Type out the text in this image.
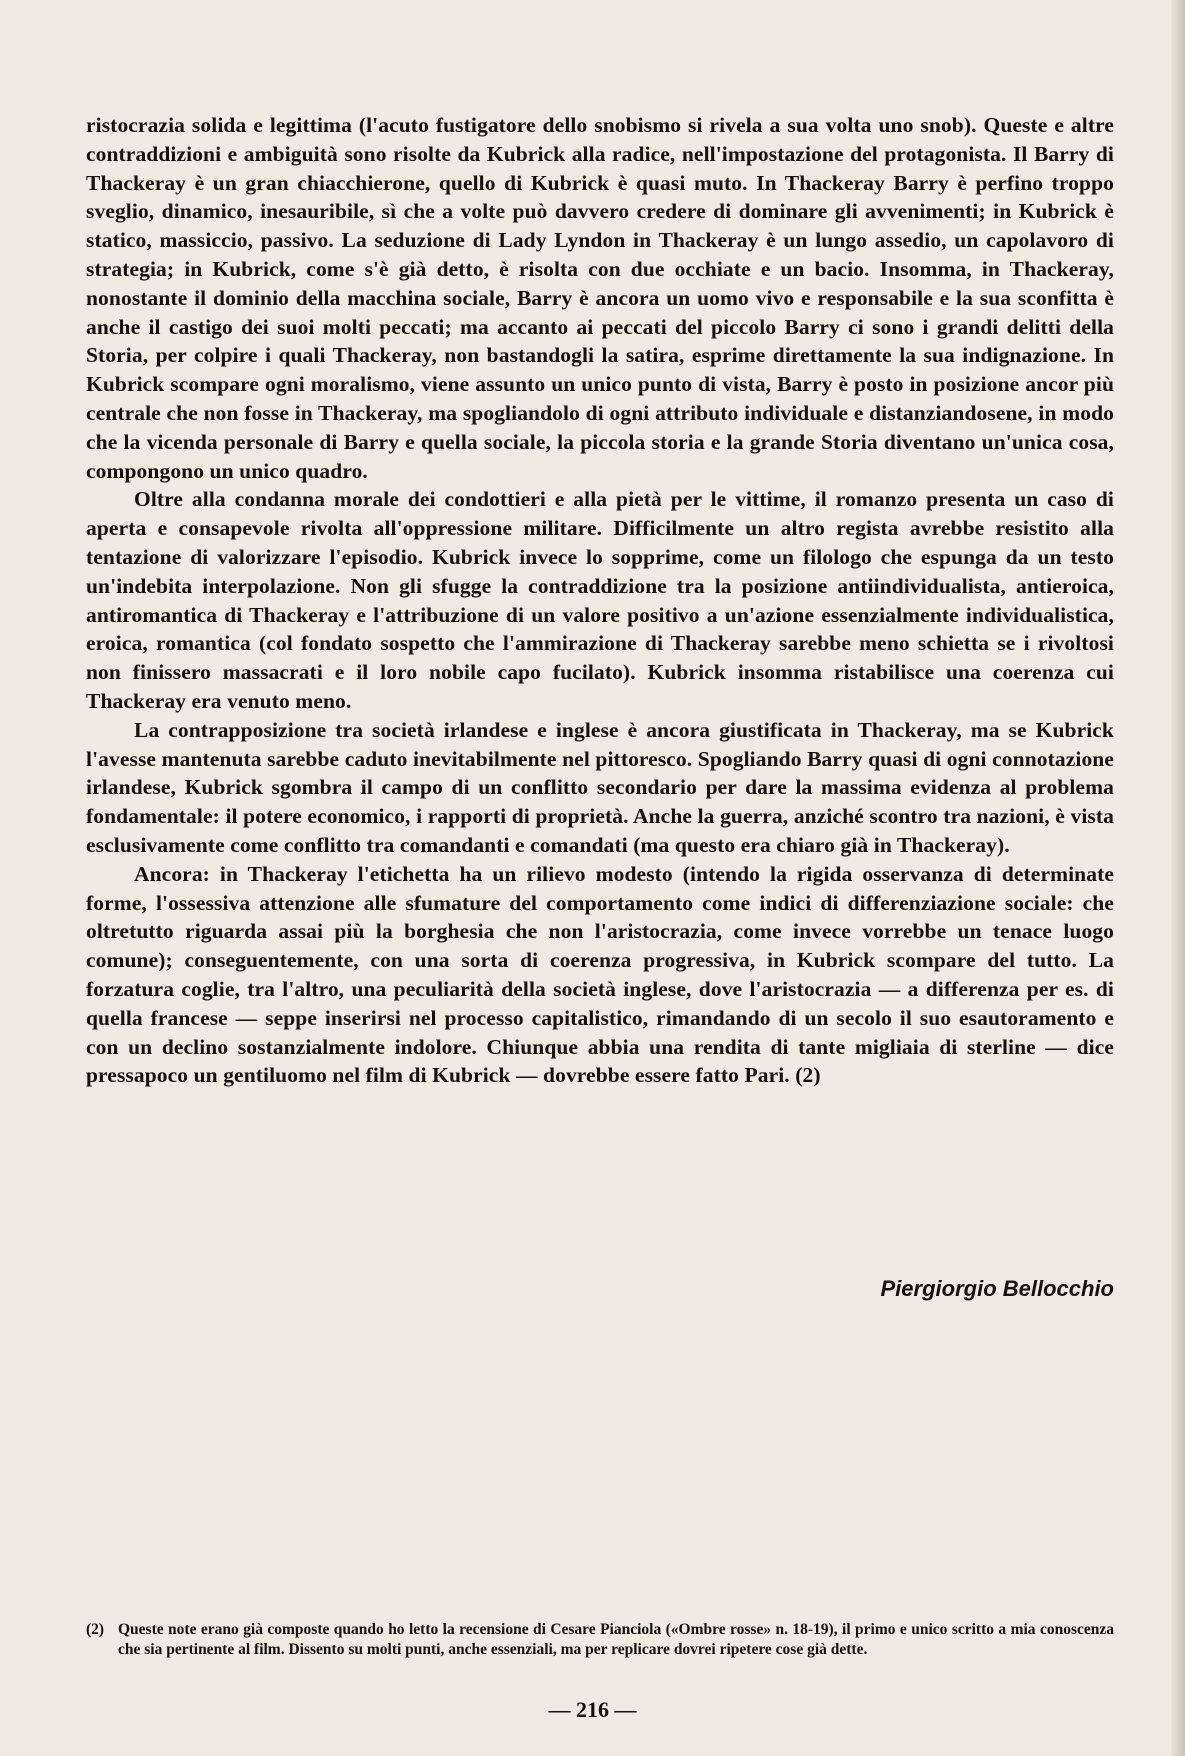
ristocrazia solida e legittima (l'acuto fustigatore dello snobismo si rivela a sua volta uno snob). Queste e altre contraddizioni e ambiguità sono risolte da Kubrick alla radice, nell'impostazione del protagonista. Il Barry di Thackeray è un gran chiacchierone, quello di Kubrick è quasi muto. In Thackeray Barry è perfino troppo sveglio, dinamico, inesauribile, sì che a volte può davvero credere di dominare gli avvenimenti; in Kubrick è statico, massiccio, passivo. La seduzione di Lady Lyndon in Thackeray è un lungo assedio, un capolavoro di strategia; in Kubrick, come s'è già detto, è risolta con due occhiate e un bacio. Insomma, in Thackeray, nonostante il dominio della macchina sociale, Barry è ancora un uomo vivo e responsabile e la sua sconfitta è anche il castigo dei suoi molti peccati; ma accanto ai peccati del piccolo Barry ci sono i grandi delitti della Storia, per colpire i quali Thackeray, non bastandogli la satira, esprime direttamente la sua indignazione. In Kubrick scompare ogni moralismo, viene assunto un unico punto di vista, Barry è posto in posizione ancor più centrale che non fosse in Thackeray, ma spogliandolo di ogni attributo individuale e distanziandosene, in modo che la vicenda personale di Barry e quella sociale, la piccola storia e la grande Storia diventano un'unica cosa, compongono un unico quadro.

Oltre alla condanna morale dei condottieri e alla pietà per le vittime, il romanzo presenta un caso di aperta e consapevole rivolta all'oppressione militare. Difficilmente un altro regista avrebbe resistito alla tentazione di valorizzare l'episodio. Kubrick invece lo sopprime, come un filologo che espunga da un testo un'indebita interpolazione. Non gli sfugge la contraddizione tra la posizione antiindividualista, antieroica, antiromantica di Thackeray e l'attribuzione di un valore positivo a un'azione essenzialmente individualistica, eroica, romantica (col fondato sospetto che l'ammirazione di Thackeray sarebbe meno schietta se i rivoltosi non finissero massacrati e il loro nobile capo fucilato). Kubrick insomma ristabilisce una coerenza cui Thackeray era venuto meno.

La contrapposizione tra società irlandese e inglese è ancora giustificata in Thackeray, ma se Kubrick l'avesse mantenuta sarebbe caduto inevitabilmente nel pittoresco. Spogliando Barry quasi di ogni connotazione irlandese, Kubrick sgombra il campo di un conflitto secondario per dare la massima evidenza al problema fondamentale: il potere economico, i rapporti di proprietà. Anche la guerra, anziché scontro tra nazioni, è vista esclusivamente come conflitto tra comandanti e comandati (ma questo era chiaro già in Thackeray).

Ancora: in Thackeray l'etichetta ha un rilievo modesto (intendo la rigida osservanza di determinate forme, l'ossessiva attenzione alle sfumature del comportamento come indici di differenziazione sociale: che oltretutto riguarda assai più la borghesia che non l'aristocrazia, come invece vorrebbe un tenace luogo comune); conseguentemente, con una sorta di coerenza progressiva, in Kubrick scompare del tutto. La forzatura coglie, tra l'altro, una peculiarità della società inglese, dove l'aristocrazia — a differenza per es. di quella francese — seppe inserirsi nel processo capitalistico, rimandando di un secolo il suo esautoramento e con un declino sostanzialmente indolore. Chiunque abbia una rendita di tante migliaia di sterline — dice pressapoco un gentiluomo nel film di Kubrick — dovrebbe essere fatto Pari. (2)

Piergiorgio Bellocchio
(2) Queste note erano già composte quando ho letto la recensione di Cesare Pianciola («Ombre rosse» n. 18-19), il primo e unico scritto a mia conoscenza che sia pertinente al film. Dissento su molti punti, anche essenziali, ma per replicare dovrei ripetere cose già dette.
— 216 —
